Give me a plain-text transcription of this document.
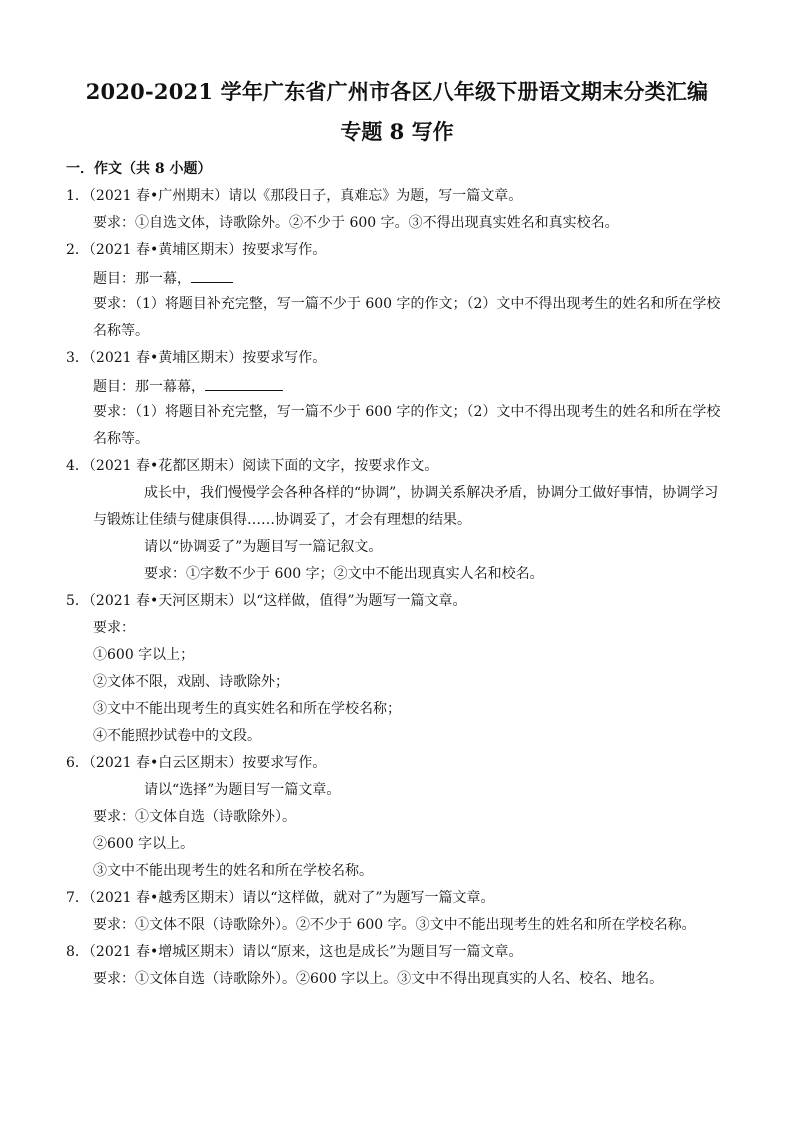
2020-2021 学年广东省广州市各区八年级下册语文期末分类汇编
专题 8 写作
一．作文（共 8 小题）
1．（2021 春•广州期末）请以《那段日子，真难忘》为题，写一篇文章。
要求：①自选文体，诗歌除外。②不少于 600 字。③不得出现真实姓名和真实校名。
2．（2021 春•黄埔区期末）按要求写作。
题目：那一幕，
要求：（1）将题目补充完整，写一篇不少于 600 字的作文；（2）文中不得出现考生的姓名和所在学校
名称等。
3．（2021 春•黄埔区期末）按要求写作。
题目：那一幕幕，
要求：（1）将题目补充完整，写一篇不少于 600 字的作文；（2）文中不得出现考生的姓名和所在学校
名称等。
4．（2021 春•花都区期末）阅读下面的文字，按要求作文。
成长中，我们慢慢学会各种各样的“协调”，协调关系解决矛盾，协调分工做好事情，协调学习
与锻炼让佳绩与健康俱得……协调妥了，才会有理想的结果。
请以“协调妥了”为题目写一篇记叙文。
要求：①字数不少于 600 字；②文中不能出现真实人名和校名。
5．（2021 春•天河区期末）以“这样做，值得”为题写一篇文章。
要求：
①600 字以上；
②文体不限，戏剧、诗歌除外；
③文中不能出现考生的真实姓名和所在学校名称；
④不能照抄试卷中的文段。
6．（2021 春•白云区期末）按要求写作。
请以“选择”为题目写一篇文章。
要求：①文体自选（诗歌除外）。
②600 字以上。
③文中不能出现考生的姓名和所在学校名称。
7．（2021 春•越秀区期末）请以“这样做，就对了”为题写一篇文章。
要求：①文体不限（诗歌除外）。②不少于 600 字。③文中不能出现考生的姓名和所在学校名称。
8．（2021 春•增城区期末）请以“原来，这也是成长”为题目写一篇文章。
要求：①文体自选（诗歌除外）。②600 字以上。③文中不得出现真实的人名、校名、地名。
